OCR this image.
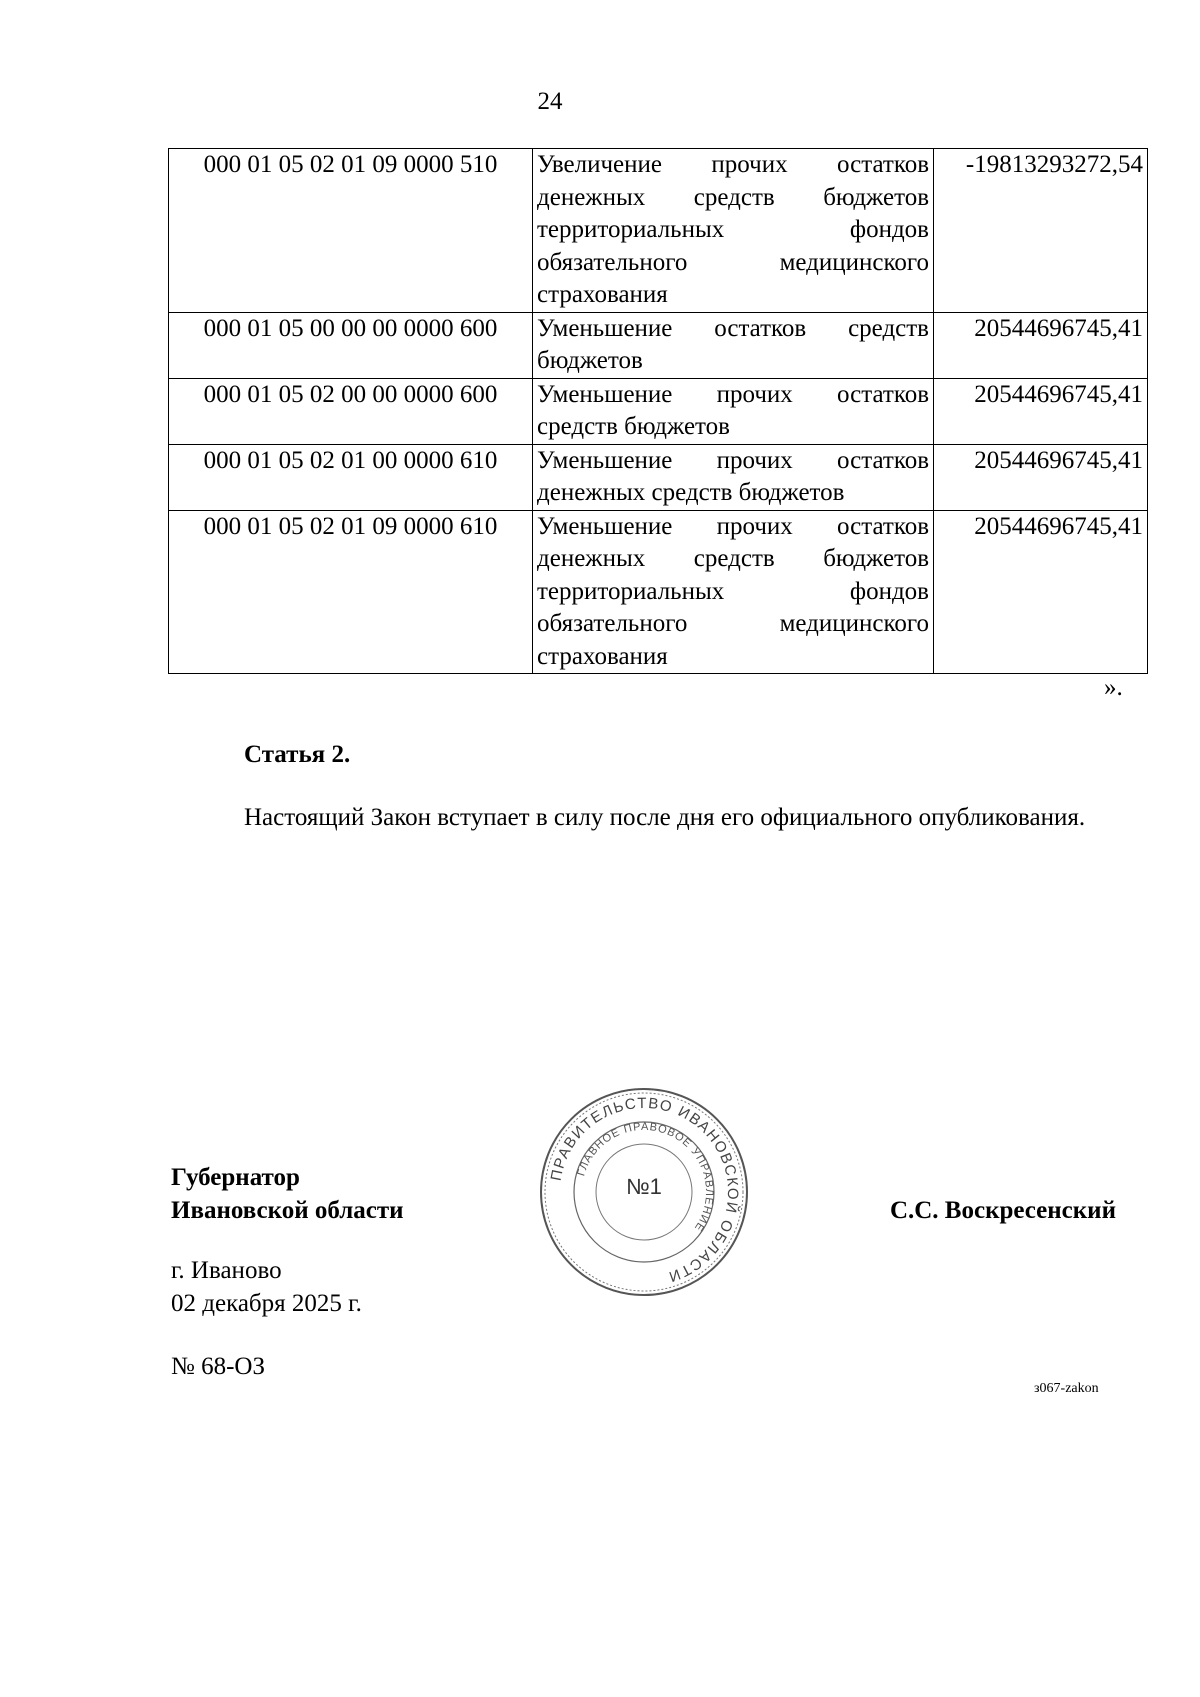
24
000 01 05 02 01 09 0000 510	Увеличение прочих остатков
денежных средств бюджетов
территориальных фондов
обязательного медицинского
страхования	-19813293272,54
000 01 05 00 00 00 0000 600	Уменьшение остатков средств
бюджетов	20544696745,41
000 01 05 02 00 00 0000 600	Уменьшение прочих остатков
средств бюджетов	20544696745,41
000 01 05 02 01 00 0000 610	Уменьшение прочих остатков
денежных средств бюджетов	20544696745,41
000 01 05 02 01 09 0000 610	Уменьшение прочих остатков
денежных средств бюджетов
территориальных фондов
обязательного медицинского
страхования	20544696745,41
».
Статья 2.
Настоящий Закон вступает в силу после дня его официального опубликования.
Губернатор
Ивановской области
ПРАВИТЕЛЬСТВО ИВАНОВСКОЙ ОБЛАСТИ
ГЛАВНОЕ ПРАВОВОЕ УПРАВЛЕНИЕ
№1
С.С. Воскресенский
г. Иваново
02 декабря 2025 г.
№ 68-ОЗ
з067-zakon
